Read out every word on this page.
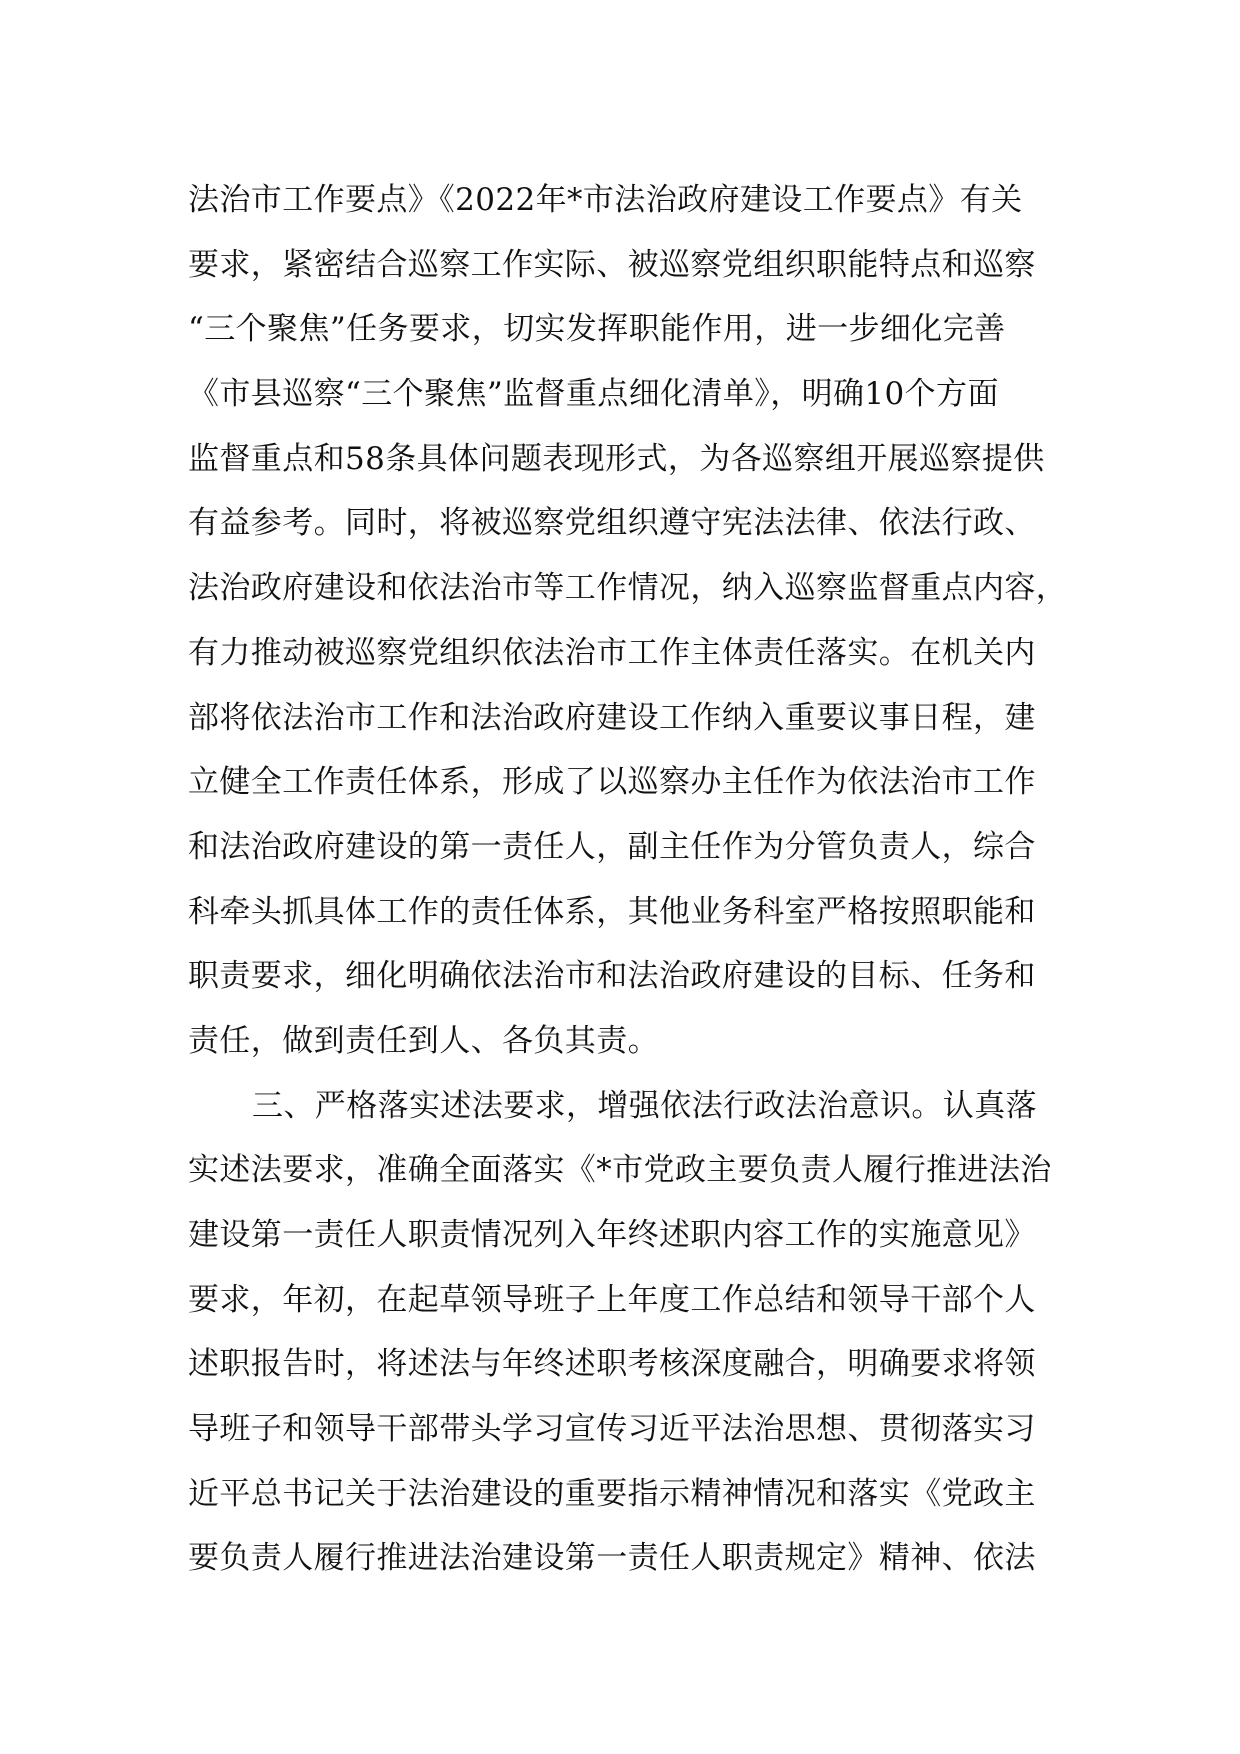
法治市工作要点》《2022年*市法治政府建设工作要点》有关
要求，紧密结合巡察工作实际、被巡察党组织职能特点和巡察
“三个聚焦”任务要求，切实发挥职能作用，进一步细化完善
《市县巡察“三个聚焦”监督重点细化清单》，明确10个方面
监督重点和58条具体问题表现形式，为各巡察组开展巡察提供
有益参考。同时，将被巡察党组织遵守宪法法律、依法行政、
法治政府建设和依法治市等工作情况，纳入巡察监督重点内容，
有力推动被巡察党组织依法治市工作主体责任落实。在机关内
部将依法治市工作和法治政府建设工作纳入重要议事日程，建
立健全工作责任体系，形成了以巡察办主任作为依法治市工作
和法治政府建设的第一责任人，副主任作为分管负责人，综合
科牵头抓具体工作的责任体系，其他业务科室严格按照职能和
职责要求，细化明确依法治市和法治政府建设的目标、任务和
责任，做到责任到人、各负其责。
三、严格落实述法要求，增强依法行政法治意识。认真落
实述法要求，准确全面落实《*市党政主要负责人履行推进法治
建设第一责任人职责情况列入年终述职内容工作的实施意见》
要求，年初，在起草领导班子上年度工作总结和领导干部个人
述职报告时，将述法与年终述职考核深度融合，明确要求将领
导班子和领导干部带头学习宣传习近平法治思想、贯彻落实习
近平总书记关于法治建设的重要指示精神情况和落实《党政主
要负责人履行推进法治建设第一责任人职责规定》精神、依法
